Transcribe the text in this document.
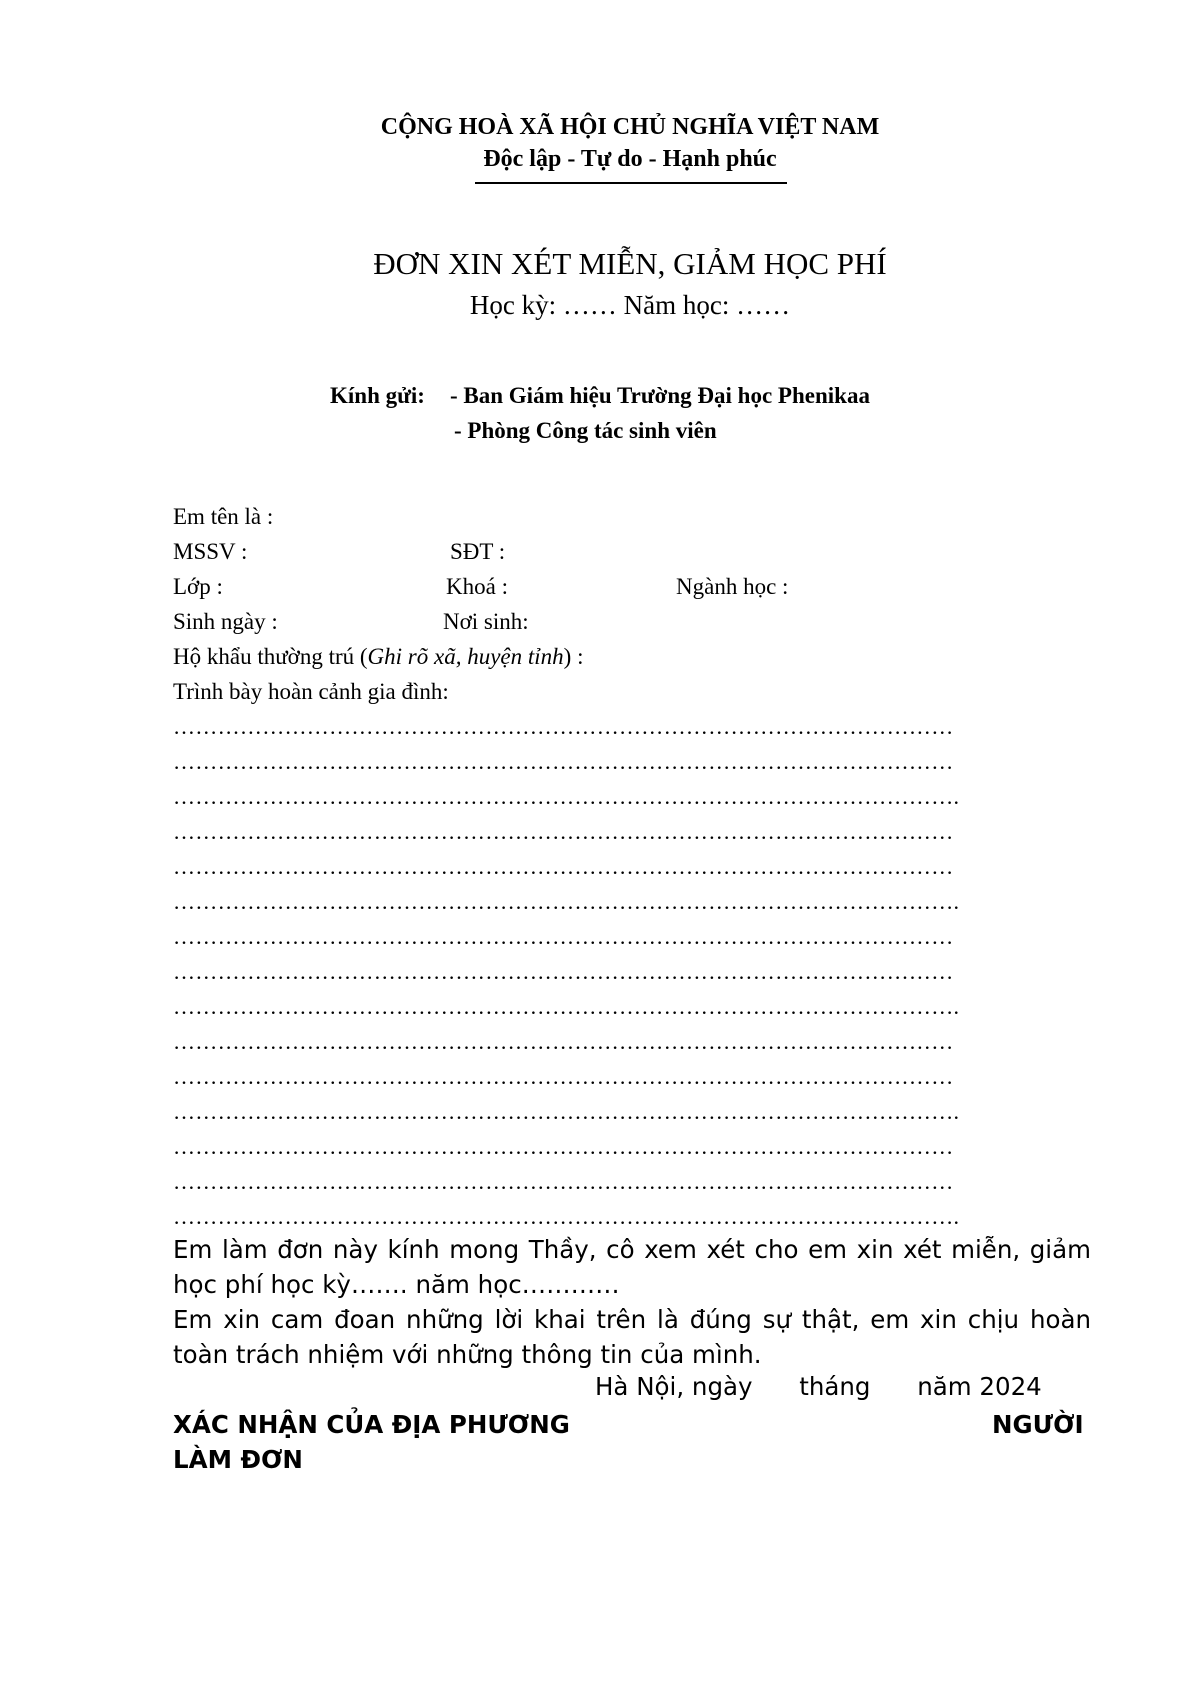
CỘNG HOÀ XÃ HỘI CHỦ NGHĨA VIỆT NAM
Độc lập - Tự do - Hạnh phúc
ĐƠN XIN XÉT MIỄN, GIẢM HỌC PHÍ
Học kỳ: …… Năm học: ……
Kính gửi: - Ban Giám hiệu Trường Đại học Phenikaa
- Phòng Công tác sinh viên
Em tên là :
MSSV :	SĐT :
Lớp :	Khoá :	Ngành học :
Sinh ngày :	Nơi sinh:
Hộ khẩu thường trú (Ghi rõ xã, huyện tỉnh) :
Trình bày hoàn cảnh gia đình:
……………………………………………………………………………………………
……………………………………………………………………………………………
…………………………………………………………………………………………….
……………………………………………………………………………………………
……………………………………………………………………………………………
…………………………………………………………………………………………….
……………………………………………………………………………………………
……………………………………………………………………………………………
…………………………………………………………………………………………….
……………………………………………………………………………………………
……………………………………………………………………………………………
…………………………………………………………………………………………….
……………………………………………………………………………………………
……………………………………………………………………………………………
…………………………………………………………………………………………….
Em làm đơn này kính mong Thầy, cô xem xét cho em xin xét miễn, giảm học phí học kỳ……. năm học…………
Em xin cam đoan những lời khai trên là đúng sự thật, em xin chịu hoàn toàn trách nhiệm với những thông tin của mình.
Hà Nội, ngày      tháng      năm 2024
XÁC NHẬN CỦA ĐỊA PHƯƠNG	NGƯỜI
LÀM ĐƠN
